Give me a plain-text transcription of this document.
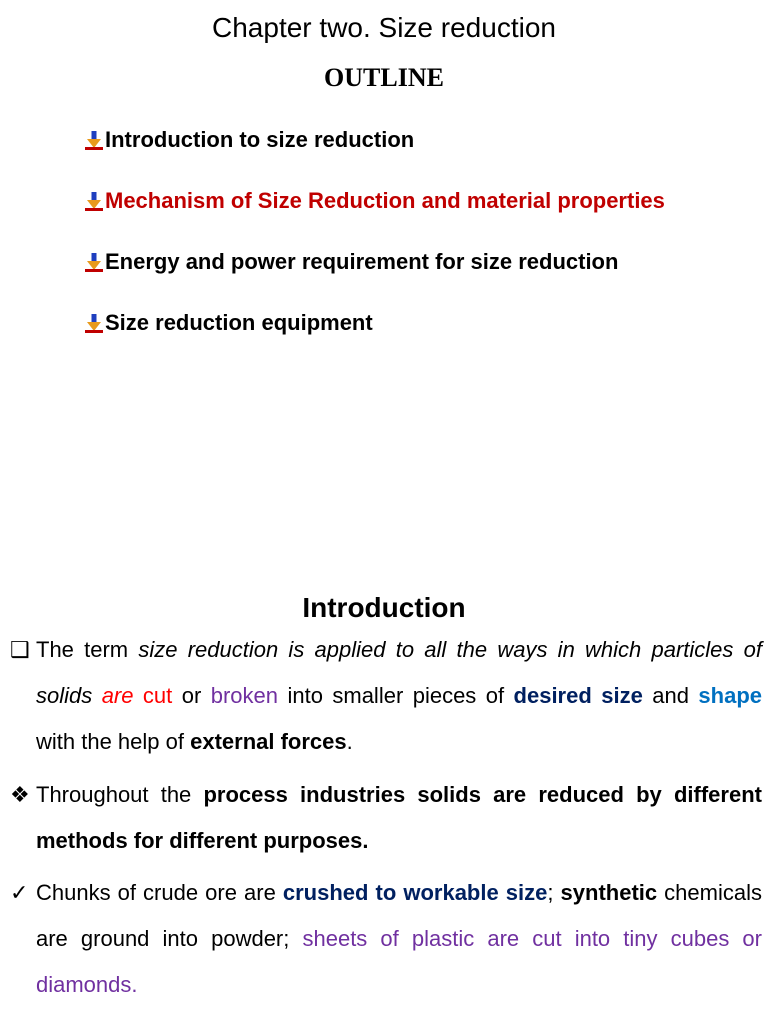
Chapter two. Size reduction
OUTLINE
Introduction to size reduction
Mechanism of Size Reduction and material properties
Energy and power requirement for size reduction
Size reduction equipment
Introduction
❑ The term size reduction is applied to all the ways in which particles of solids are cut or broken into smaller pieces of desired size and shape with the help of external forces.
❖ Throughout the process industries solids are reduced by different methods for different purposes.
✓ Chunks of crude ore are crushed to workable size; synthetic chemicals are ground into powder; sheets of plastic are cut into tiny cubes or diamonds.
